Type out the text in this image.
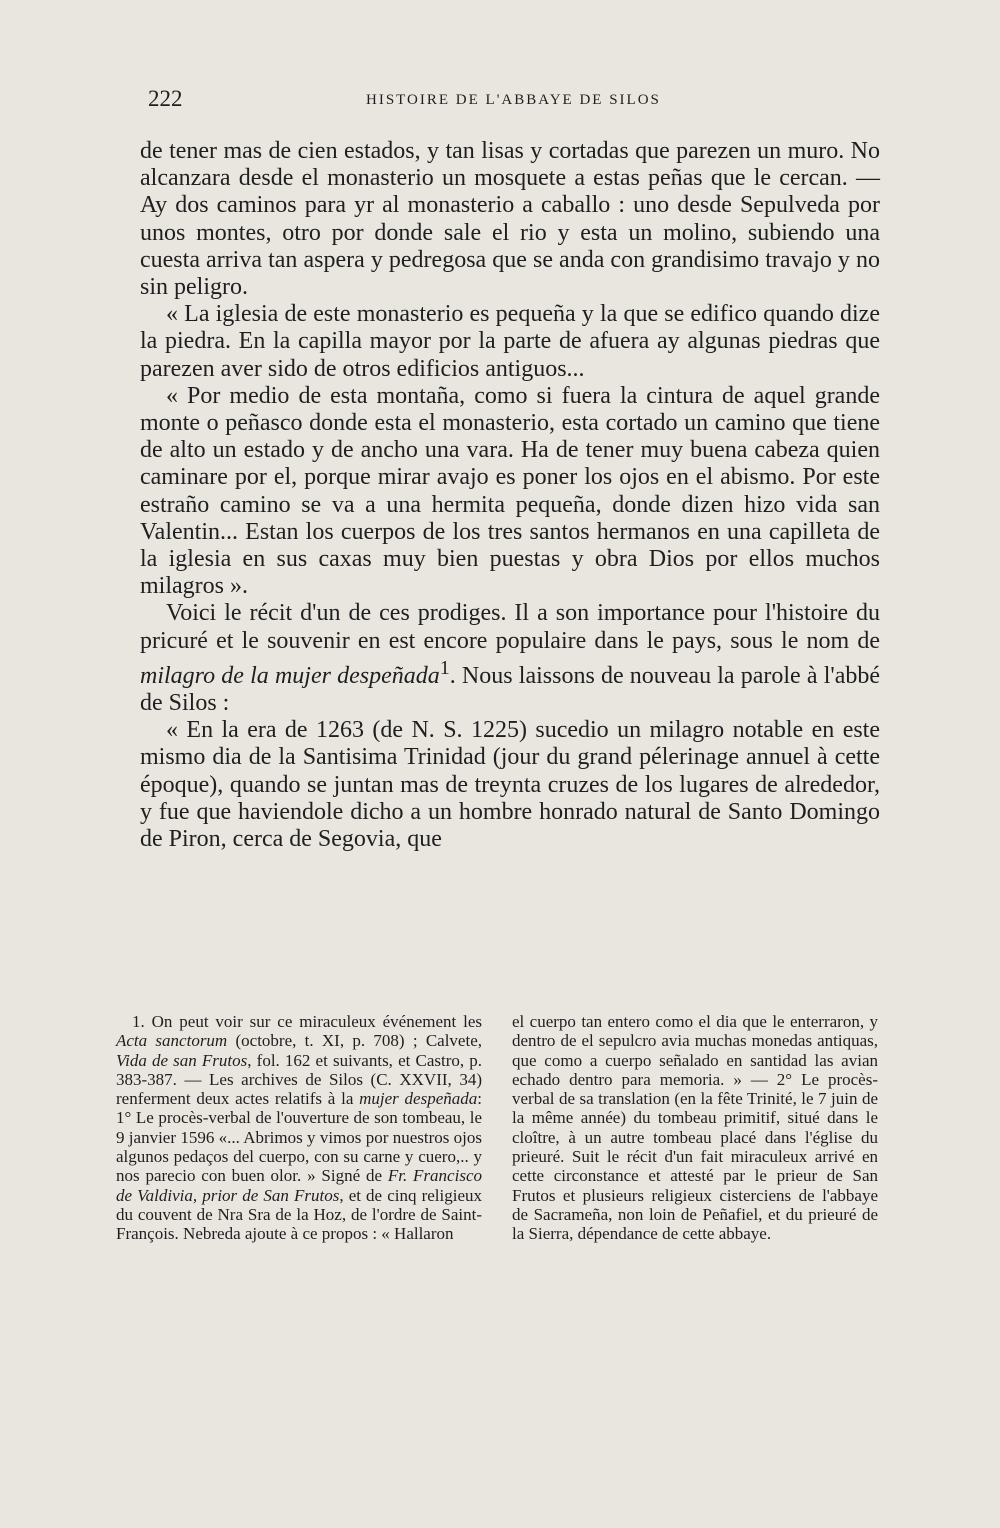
222	HISTOIRE DE L'ABBAYE DE SILOS

de tener mas de cien estados, y tan lisas y cortadas que parezen un muro. No alcanzara desde el monasterio un mosquete a estas peñas que le cercan. — Ay dos caminos para yr al monasterio a caballo : uno desde Sepulveda por unos montes, otro por donde sale el rio y esta un molino, subiendo una cuesta arriva tan aspera y pedregosa que se anda con grandisimo travajo y no sin peligro.

« La iglesia de este monasterio es pequeña y la que se edifico quando dize la piedra. En la capilla mayor por la parte de afuera ay algunas piedras que parezen aver sido de otros edificios antiguos...

« Por medio de esta montaña, como si fuera la cintura de aquel grande monte o peñasco donde esta el monasterio, esta cortado un camino que tiene de alto un estado y de ancho una vara. Ha de tener muy buena cabeza quien caminare por el, porque mirar avajo es poner los ojos en el abismo. Por este estraño camino se va a una hermita pequeña, donde dizen hizo vida san Valentin... Estan los cuerpos de los tres santos hermanos en una capilleta de la iglesia en sus caxas muy bien puestas y obra Dios por ellos muchos milagros ».

Voici le récit d'un de ces prodiges. Il a son importance pour l'histoire du pricuré et le souvenir en est encore populaire dans le pays, sous le nom de milagro de la mujer despeñada$^1$. Nous laissons de nouveau la parole à l'abbé de Silos :

« En la era de 1263 (de N. S. 1225) sucedio un milagro notable en este mismo dia de la Santisima Trinidad (jour du grand pélerinage annuel à cette époque), quando se juntan mas de treynta cruzes de los lugares de alrededor, y fue que haviendole dicho a un hombre honrado natural de Santo Domingo de Piron, cerca de Segovia, que

1. On peut voir sur ce miraculeux événement les Acta sanctorum (octobre, t. XI, p. 708) ; Calvete, Vida de san Frutos, fol. 162 et suivants, et Castro, p. 383-387. — Les archives de Silos (C. XXVII, 34) renferment deux actes relatifs à la mujer despeñada: 1° Le procès-verbal de l'ouverture de son tombeau, le 9 janvier 1596 «... Abrimos y vimos por nuestros ojos algunos pedaços del cuerpo, con su carne y cuero,.. y nos parecio con buen olor. » Signé de Fr. Francisco de Valdivia, prior de San Frutos, et de cinq religieux du couvent de Nra Sra de la Hoz, de l'ordre de Saint-François. Nebreda ajoute à ce propos : « Hallaron

el cuerpo tan entero como el dia que le enterraron, y dentro de el sepulcro avia muchas monedas antiquas, que como a cuerpo señalado en santidad las avian echado dentro para memoria. » — 2° Le procès-verbal de sa translation (en la fête Trinité, le 7 juin de la même année) du tombeau primitif, situé dans le cloître, à un autre tombeau placé dans l'église du prieuré. Suit le récit d'un fait miraculeux arrivé en cette circonstance et attesté par le prieur de San Frutos et plusieurs religieux cisterciens de l'abbaye de Sacrameña, non loin de Peñafiel, et du prieuré de la Sierra, dépendance de cette abbaye.
